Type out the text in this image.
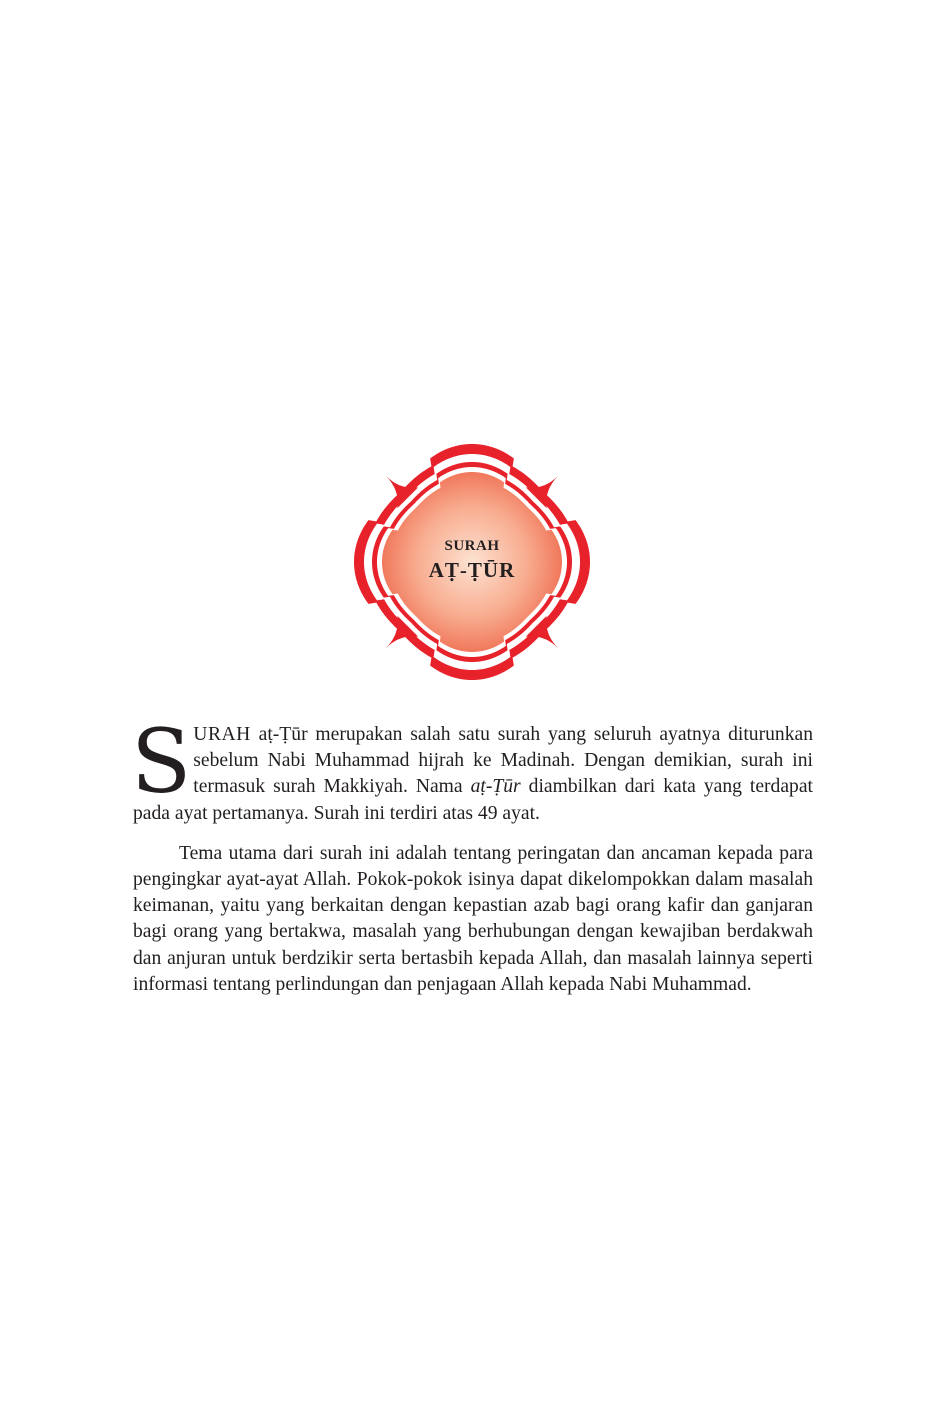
SURAH
AṬ-ṬŪR

SURAH aṭ-Ṭūr merupakan salah satu surah yang seluruh ayatnya diturunkan sebelum Nabi Muhammad hijrah ke Madinah. Dengan demikian, surah ini termasuk surah Makkiyah. Nama aṭ-Ṭūr diambilkan dari kata yang terdapat pada ayat pertamanya. Surah ini terdiri atas 49 ayat.

Tema utama dari surah ini adalah tentang peringatan dan ancaman kepada para pengingkar ayat-ayat Allah. Pokok-pokok isinya dapat dikelompokkan dalam masalah keimanan, yaitu yang berkaitan dengan kepastian azab bagi orang kafir dan ganjaran bagi orang yang bertakwa, masalah yang berhubungan dengan kewajiban berdakwah dan anjuran untuk berdzikir serta bertasbih kepada Allah, dan masalah lainnya seperti informasi tentang perlindungan dan penjagaan Allah kepada Nabi Muhammad.
